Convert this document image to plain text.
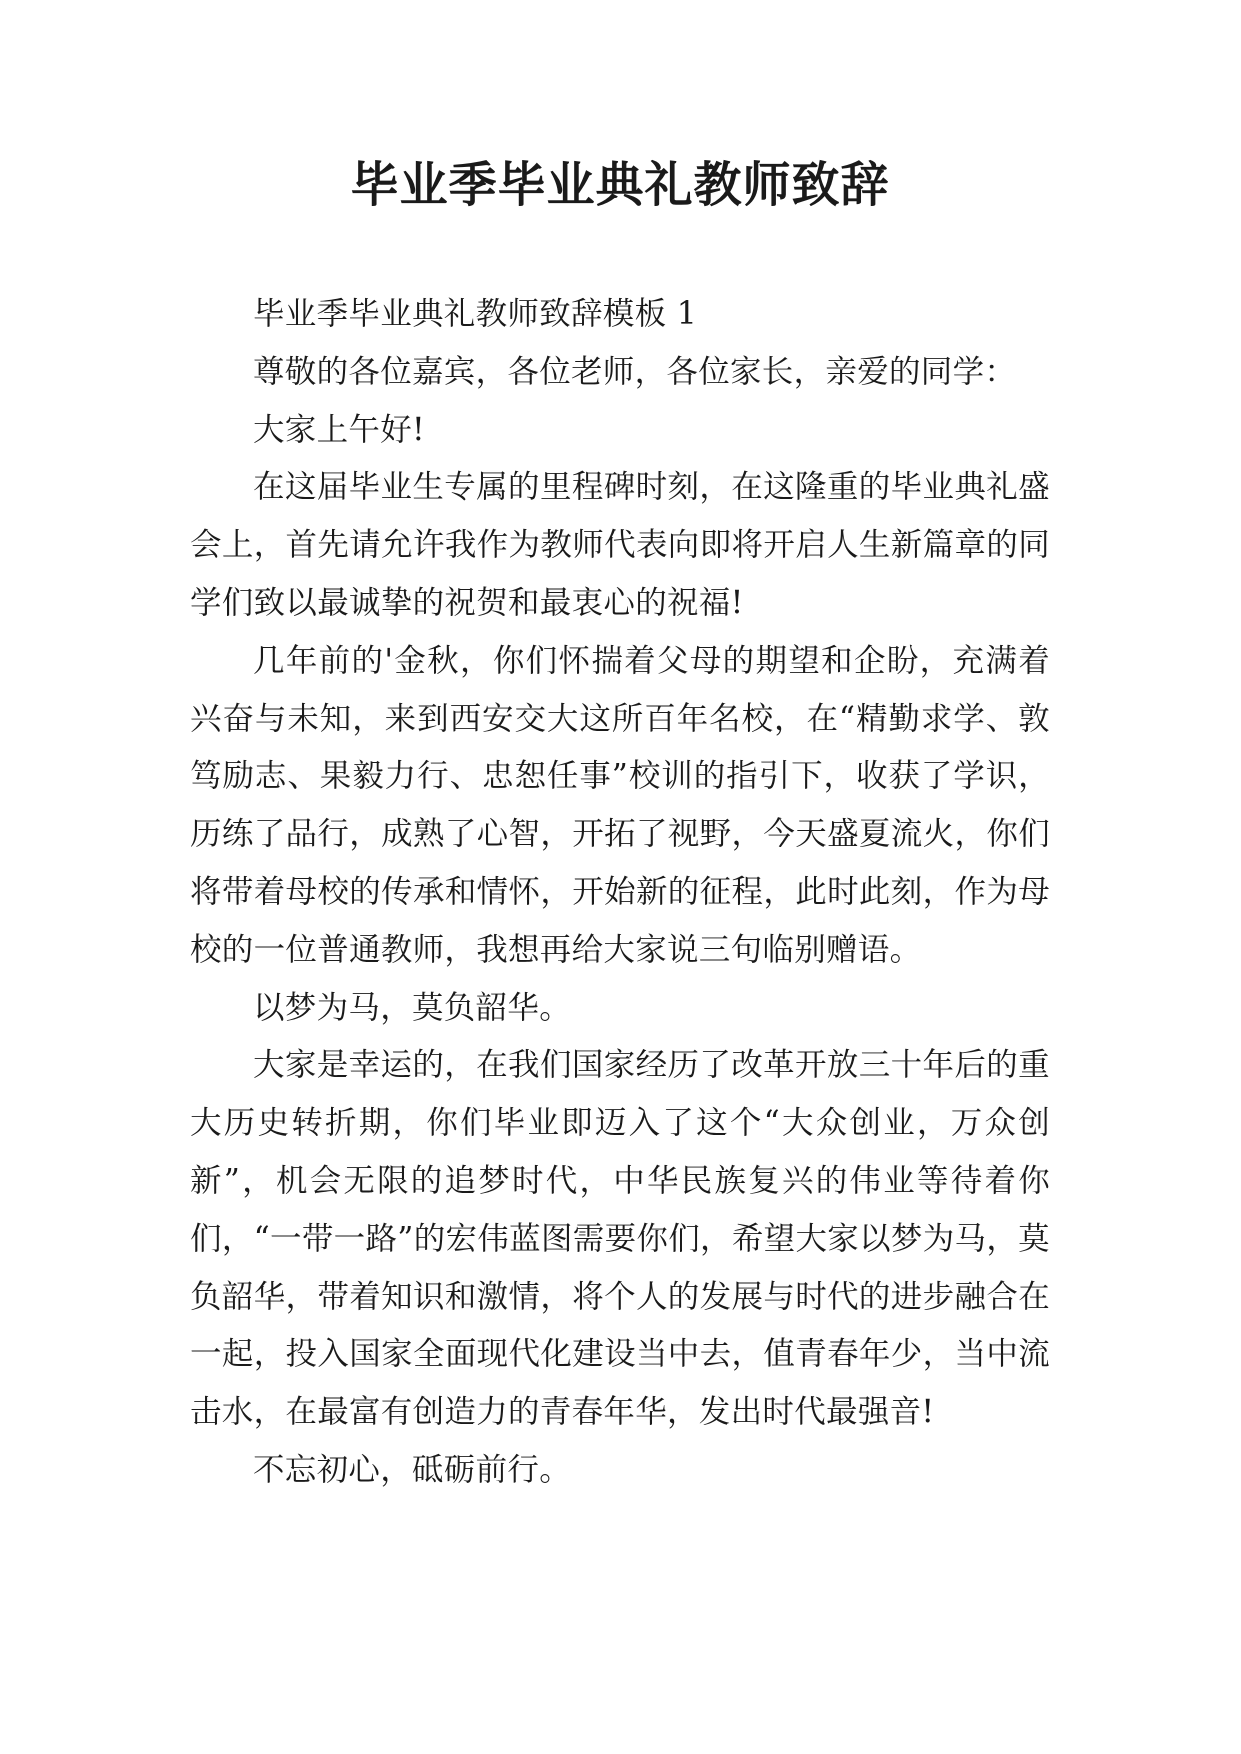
毕业季毕业典礼教师致辞

毕业季毕业典礼教师致辞模板 1

尊敬的各位嘉宾，各位老师，各位家长，亲爱的同学：

大家上午好!

在这届毕业生专属的里程碑时刻，在这隆重的毕业典礼盛会上，首先请允许我作为教师代表向即将开启人生新篇章的同学们致以最诚挚的祝贺和最衷心的祝福!

几年前的'金秋，你们怀揣着父母的期望和企盼，充满着兴奋与未知，来到西安交大这所百年名校，在“精勤求学、敦笃励志、果毅力行、忠恕任事”校训的指引下，收获了学识，历练了品行，成熟了心智，开拓了视野，今天盛夏流火，你们将带着母校的传承和情怀，开始新的征程，此时此刻，作为母校的一位普通教师，我想再给大家说三句临别赠语。

以梦为马，莫负韶华。

大家是幸运的，在我们国家经历了改革开放三十年后的重大历史转折期，你们毕业即迈入了这个“大众创业，万众创新”，机会无限的追梦时代，中华民族复兴的伟业等待着你们，“一带一路”的宏伟蓝图需要你们，希望大家以梦为马，莫负韶华，带着知识和激情，将个人的发展与时代的进步融合在一起，投入国家全面现代化建设当中去，值青春年少，当中流击水，在最富有创造力的青春年华，发出时代最强音!

不忘初心，砥砺前行。
